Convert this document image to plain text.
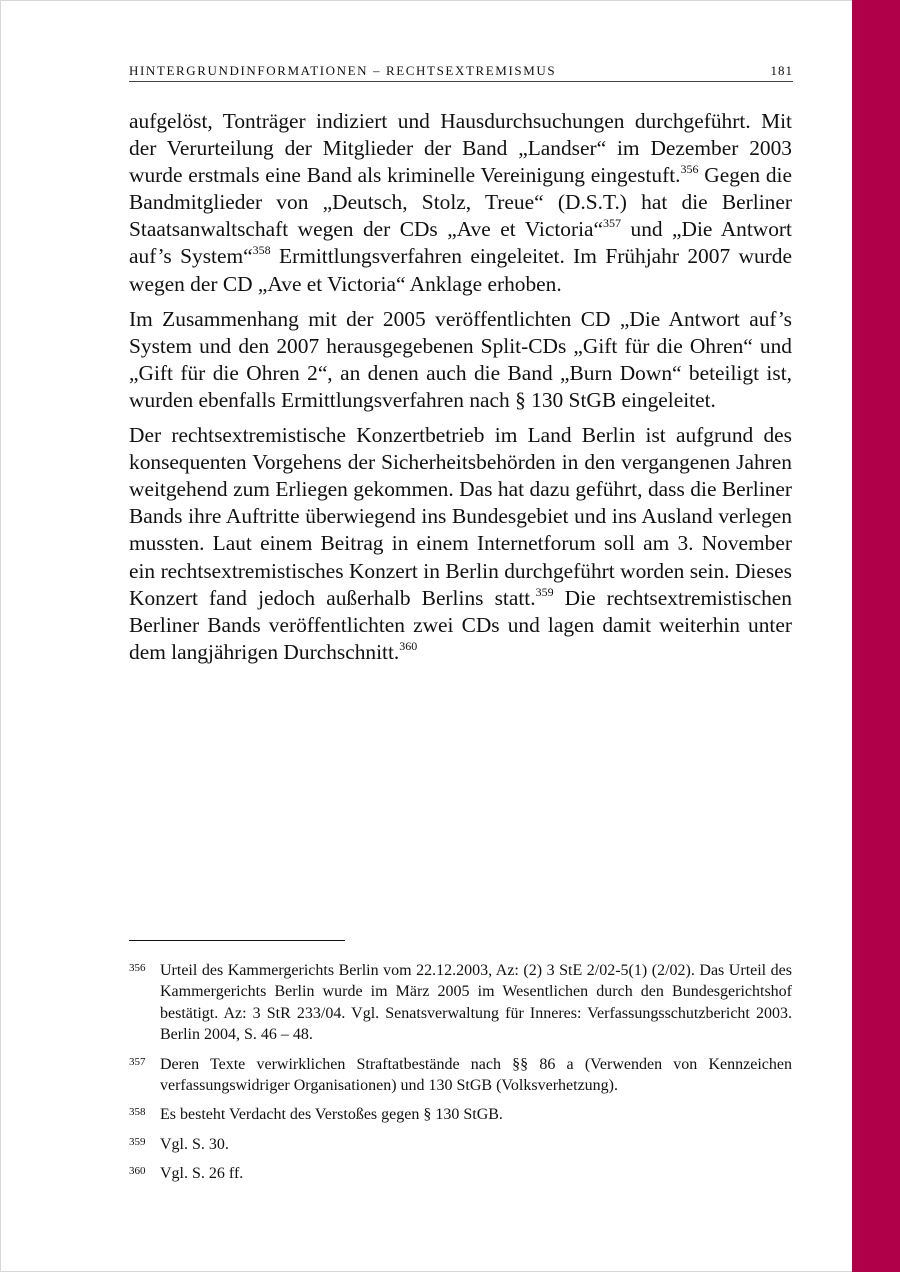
HINTERGRUNDINFORMATIONEN – RECHTSEXTREMISMUS	181

aufgelöst, Tonträger indiziert und Hausdurchsuchungen durchgeführt. Mit der Verurteilung der Mitglieder der Band „Landser“ im Dezember 2003 wurde erstmals eine Band als kriminelle Vereinigung eingestuft.$^{356}$ Gegen die Bandmitglieder von „Deutsch, Stolz, Treue“ (D.S.T.) hat die Berliner Staatsanwaltschaft wegen der CDs „Ave et Victoria“$^{357}$ und „Die Antwort auf’s System“$^{358}$ Ermittlungsverfahren eingeleitet. Im Frühjahr 2007 wurde wegen der CD „Ave et Victoria“ Anklage erhoben.

Im Zusammenhang mit der 2005 veröffentlichten CD „Die Antwort auf’s System und den 2007 herausgegebenen Split-CDs „Gift für die Ohren“ und „Gift für die Ohren 2“, an denen auch die Band „Burn Down“ beteiligt ist, wurden ebenfalls Ermittlungsverfahren nach § 130 StGB eingeleitet.

Der rechtsextremistische Konzertbetrieb im Land Berlin ist aufgrund des konsequenten Vorgehens der Sicherheitsbehörden in den vergangenen Jahren weitgehend zum Erliegen gekommen. Das hat dazu geführt, dass die Berliner Bands ihre Auftritte überwiegend ins Bundesgebiet und ins Ausland verlegen mussten. Laut einem Beitrag in einem Internetforum soll am 3. November ein rechtsextremistisches Konzert in Berlin durchgeführt worden sein. Dieses Konzert fand jedoch außerhalb Berlins statt.$^{359}$ Die rechtsextremistischen Berliner Bands veröffentlichten zwei CDs und lagen damit weiterhin unter dem langjährigen Durchschnitt.$^{360}$

356 Urteil des Kammergerichts Berlin vom 22.12.2003, Az: (2) 3 StE 2/02-5(1) (2/02). Das Urteil des Kammergerichts Berlin wurde im März 2005 im Wesentlichen durch den Bundesgerichtshof bestätigt. Az: 3 StR 233/04. Vgl. Senatsverwaltung für Inneres: Verfassungsschutzbericht 2003. Berlin 2004, S. 46 – 48.
357 Deren Texte verwirklichen Straftatbestände nach §§ 86 a (Verwenden von Kennzeichen verfassungswidriger Organisationen) und 130 StGB (Volksverhetzung).
358 Es besteht Verdacht des Verstoßes gegen § 130 StGB.
359 Vgl. S. 30.
360 Vgl. S. 26 ff.
